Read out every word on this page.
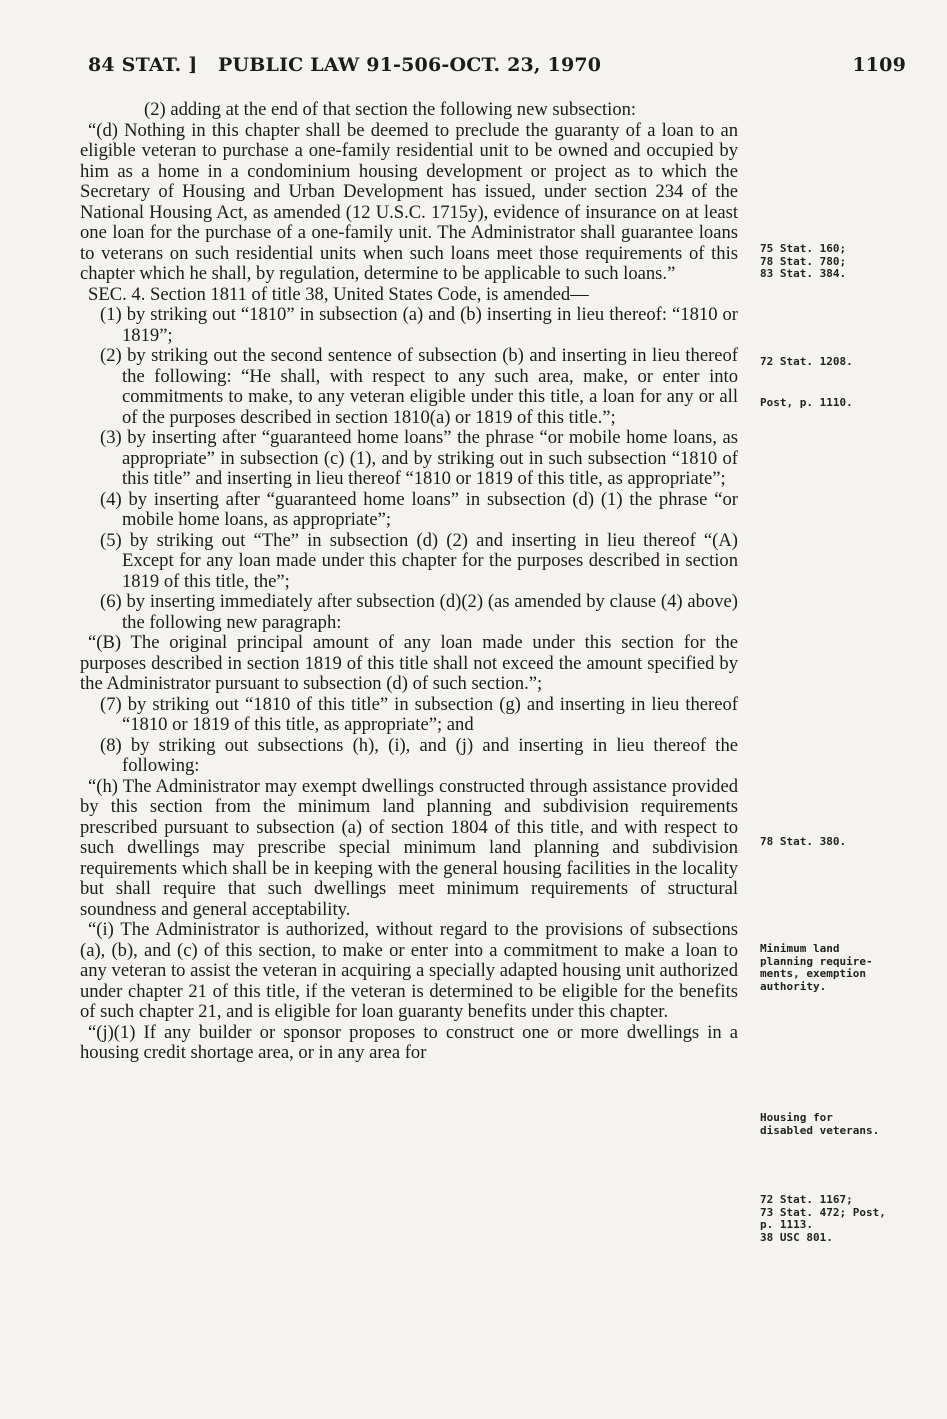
84 STAT. ] PUBLIC LAW 91-506-OCT. 23, 1970	1109

(2) adding at the end of that section the following new subsection:

“(d) Nothing in this chapter shall be deemed to preclude the guaranty of a loan to an eligible veteran to purchase a one-family residential unit to be owned and occupied by him as a home in a condominium housing development or project as to which the Secretary of Housing and Urban Development has issued, under section 234 of the National Housing Act, as amended (12 U.S.C. 1715y), evidence of insurance on at least one loan for the purchase of a one-family unit. The Administrator shall guarantee loans to veterans on such residential units when such loans meet those requirements of this chapter which he shall, by regulation, determine to be applicable to such loans.”

SEC. 4. Section 1811 of title 38, United States Code, is amended—

(1) by striking out “1810” in subsection (a) and (b) inserting in lieu thereof: “1810 or 1819”;

(2) by striking out the second sentence of subsection (b) and inserting in lieu thereof the following: “He shall, with respect to any such area, make, or enter into commitments to make, to any veteran eligible under this title, a loan for any or all of the purposes described in section 1810(a) or 1819 of this title.”;

(3) by inserting after “guaranteed home loans” the phrase “or mobile home loans, as appropriate” in subsection (c) (1), and by striking out in such subsection “1810 of this title” and inserting in lieu thereof “1810 or 1819 of this title, as appropriate”;

(4) by inserting after “guaranteed home loans” in subsection (d) (1) the phrase “or mobile home loans, as appropriate”;

(5) by striking out “The” in subsection (d) (2) and inserting in lieu thereof “(A) Except for any loan made under this chapter for the purposes described in section 1819 of this title, the”;

(6) by inserting immediately after subsection (d)(2) (as amended by clause (4) above) the following new paragraph:

“(B) The original principal amount of any loan made under this section for the purposes described in section 1819 of this title shall not exceed the amount specified by the Administrator pursuant to subsection (d) of such section.”;

(7) by striking out “1810 of this title” in subsection (g) and inserting in lieu thereof “1810 or 1819 of this title, as appropriate”; and

(8) by striking out subsections (h), (i), and (j) and inserting in lieu thereof the following:

“(h) The Administrator may exempt dwellings constructed through assistance provided by this section from the minimum land planning and subdivision requirements prescribed pursuant to subsection (a) of section 1804 of this title, and with respect to such dwellings may prescribe special minimum land planning and subdivision requirements which shall be in keeping with the general housing facilities in the locality but shall require that such dwellings meet minimum requirements of structural soundness and general acceptability.

“(i) The Administrator is authorized, without regard to the provisions of subsections (a), (b), and (c) of this section, to make or enter into a commitment to make a loan to any veteran to assist the veteran in acquiring a specially adapted housing unit authorized under chapter 21 of this title, if the veteran is determined to be eligible for the benefits of such chapter 21, and is eligible for loan guaranty benefits under this chapter.

“(j)(1) If any builder or sponsor proposes to construct one or more dwellings in a housing credit shortage area, or in any area for

75 Stat. 160;
78 Stat. 780;
83 Stat. 384.
72 Stat. 1208.
Post, p. 1110.
78 Stat. 380.
Minimum land
planning require-
ments, exemption
authority.
Housing for
disabled veterans.
72 Stat. 1167;
73 Stat. 472; Post,
p. 1113.
38 USC 801.
